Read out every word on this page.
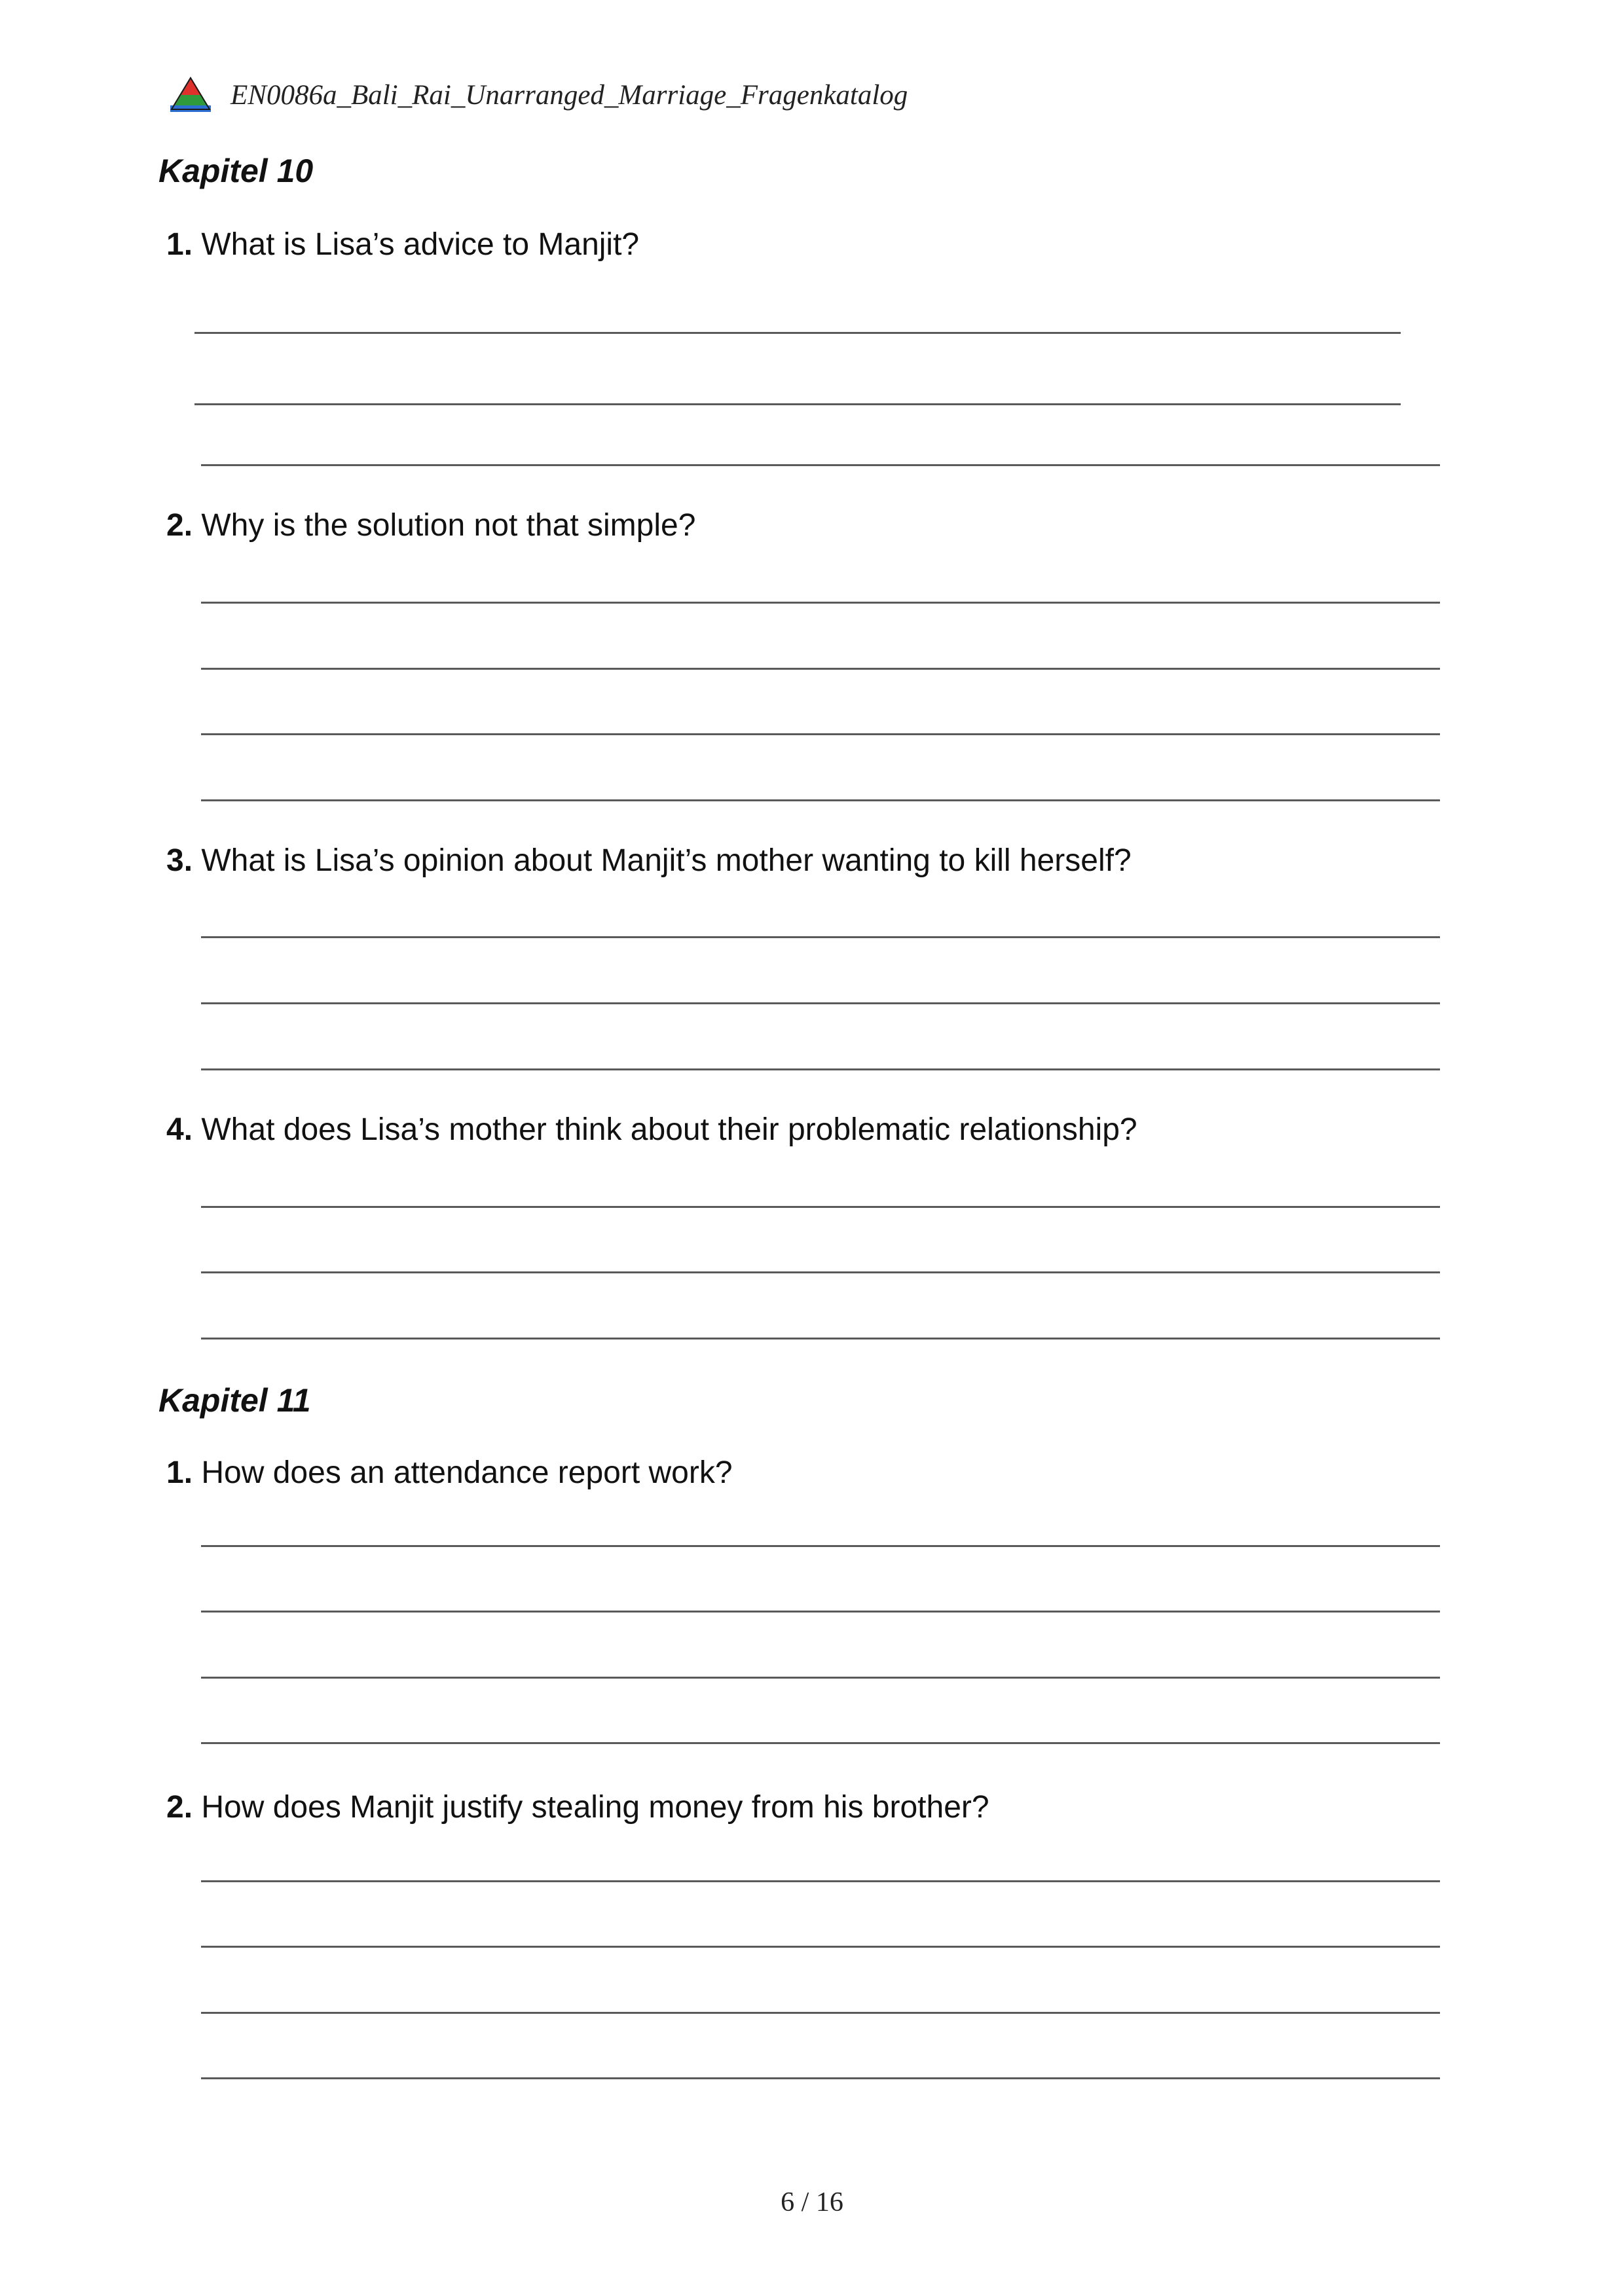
EN0086a_Bali_Rai_Unarranged_Marriage_Fragenkatalog
Kapitel 10
1. What is Lisa’s advice to Manjit?
2. Why is the solution not that simple?
3. What is Lisa’s opinion about Manjit’s mother wanting to kill herself?
4. What does Lisa’s mother think about their problematic relationship?
Kapitel 11
1. How does an attendance report work?
2. How does Manjit justify stealing money from his brother?
6 / 16
